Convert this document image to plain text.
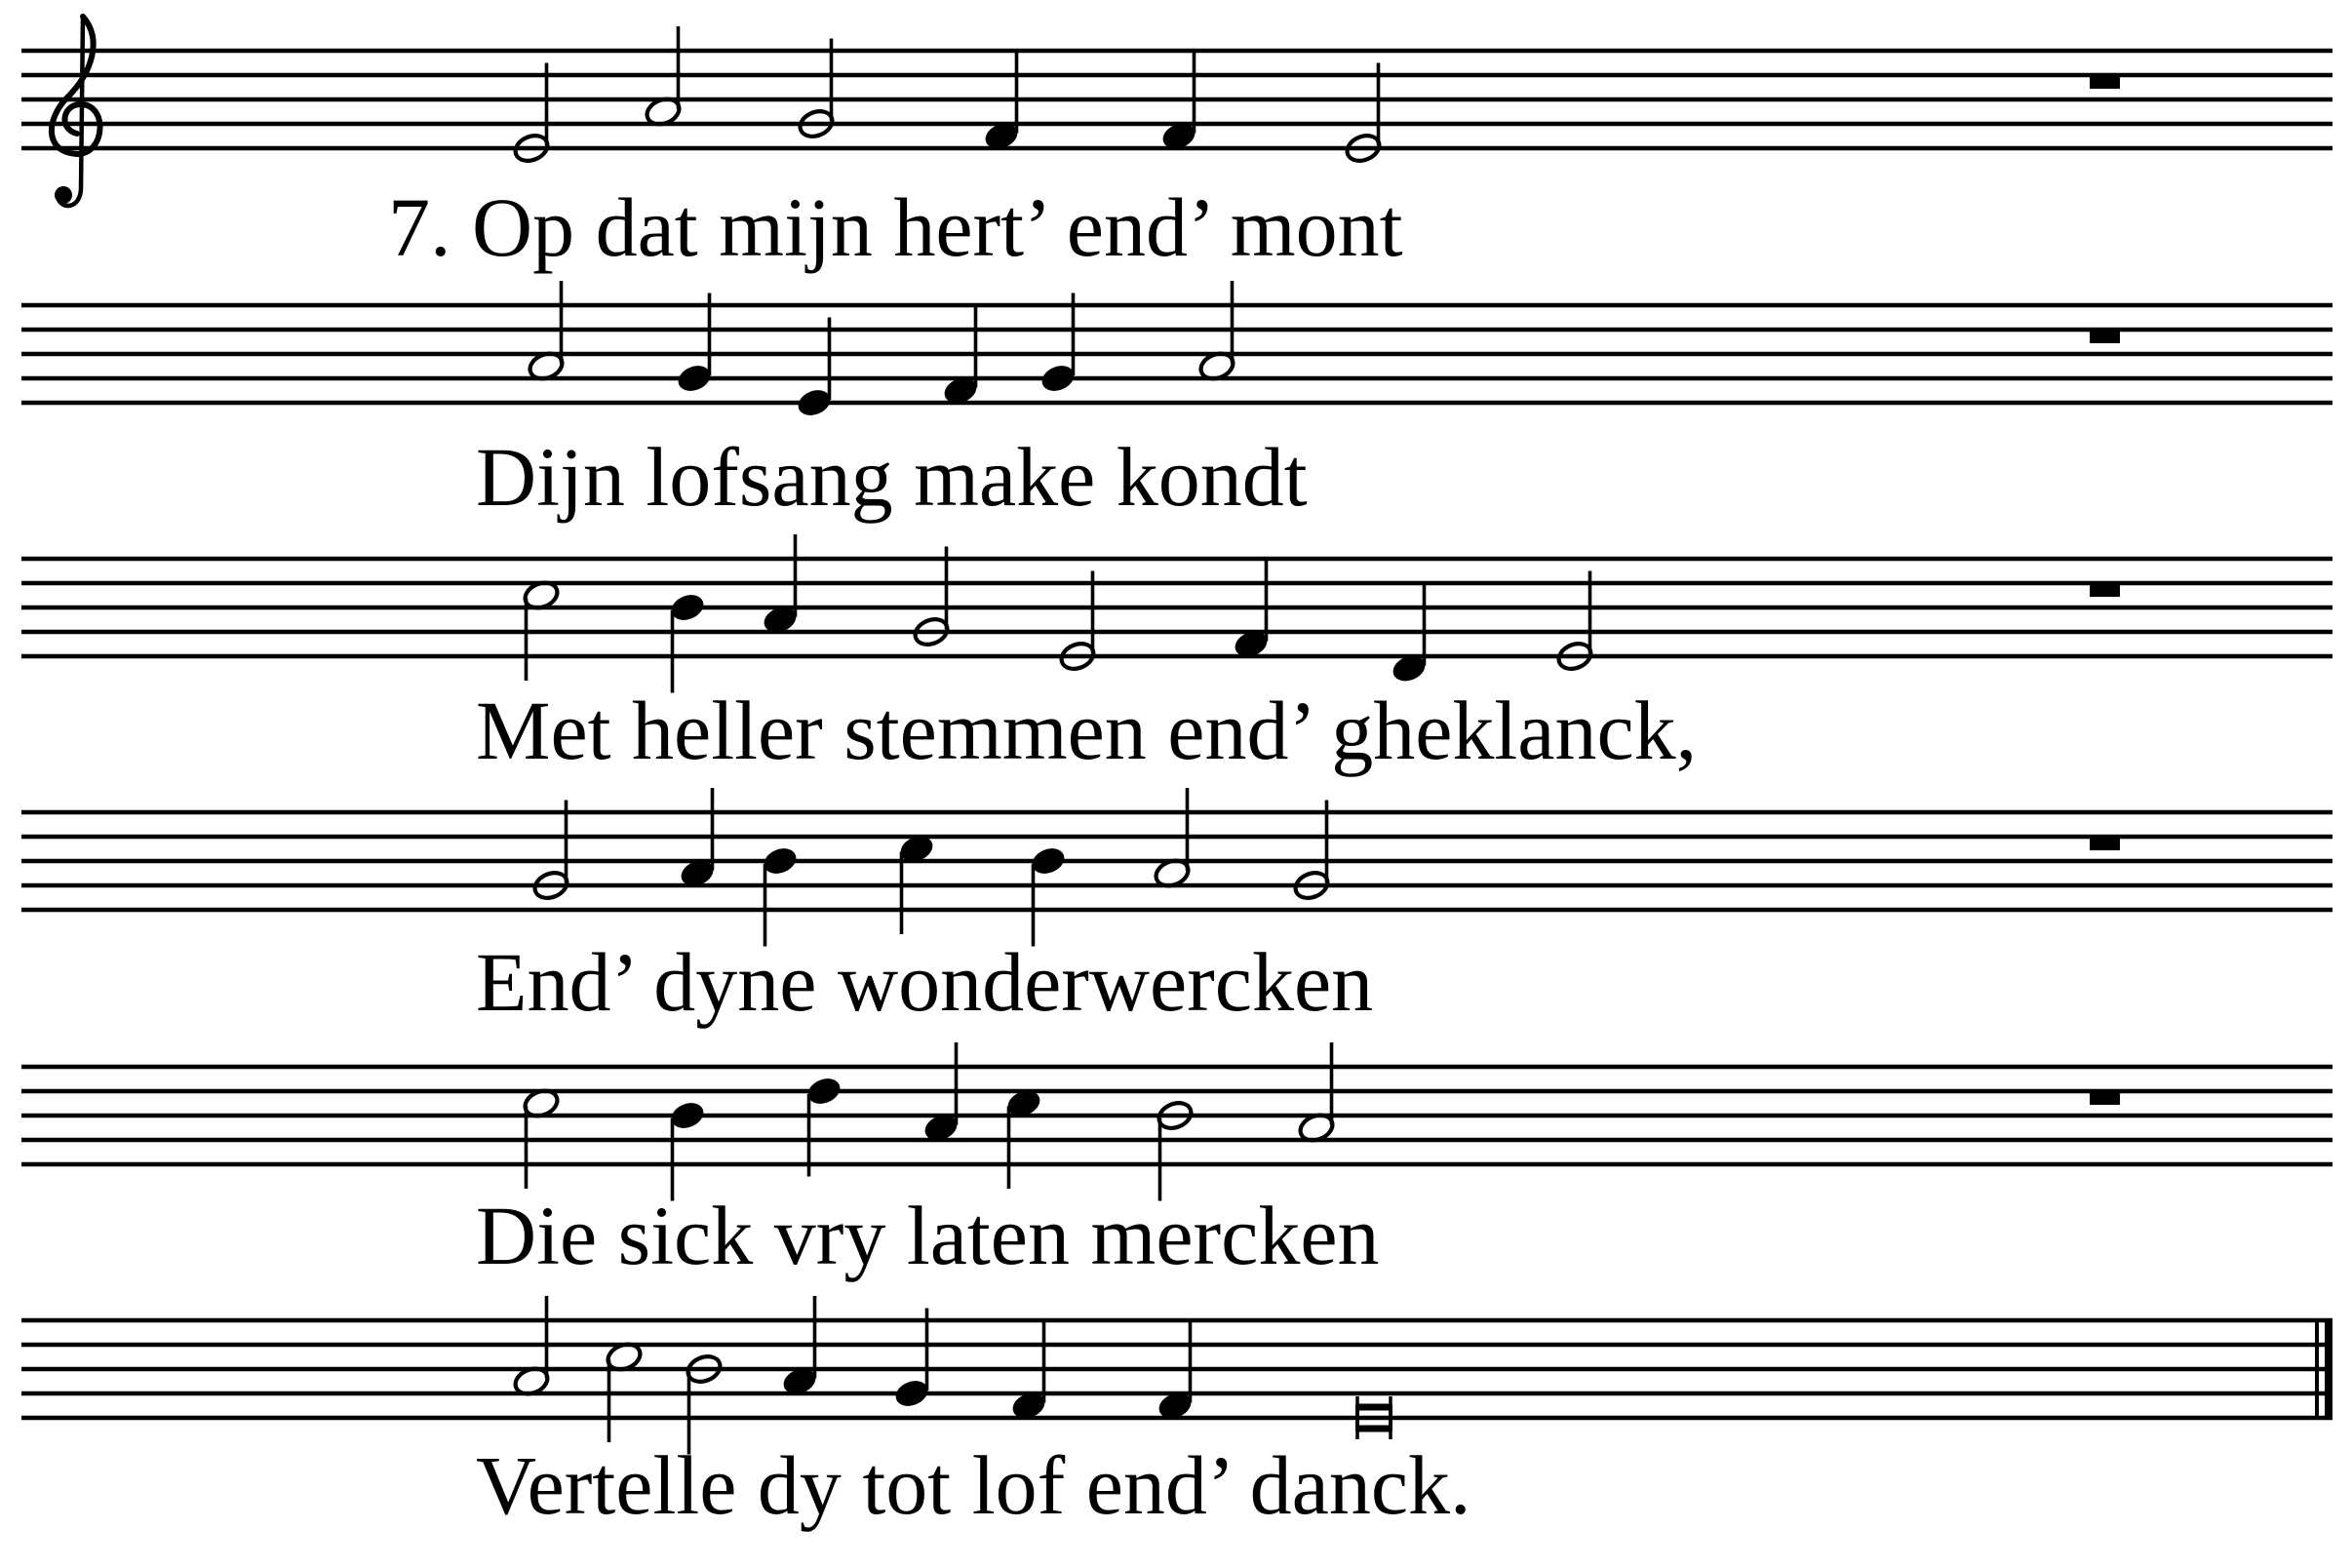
7. Op dat mijn hert’ end’ mont
Dijn lofsang make kondt
Met heller stemmen end’ gheklanck,
End’ dyne wonderwercken
Die sick vry laten mercken
Vertelle dy tot lof end’ danck.
